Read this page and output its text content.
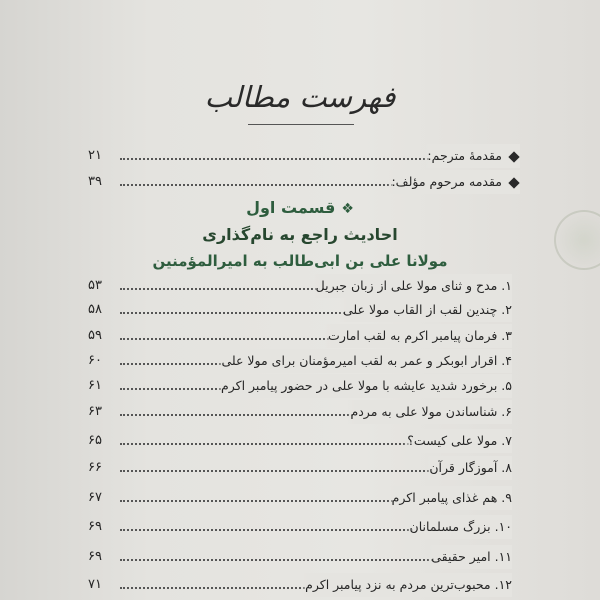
فهرست مطالب
مقدمهٔ مترجم:
۲۱
مقدمه مرحوم مؤلف:
۳۹
❖قسمت اول
احادیث راجع به نام‌گذاری
مولانا علی بن ابی‌طالب به امیرالمؤمنین
۱. مدح و ثنای مولا علی از زبان جبریل
۵۳
۲. چندین لقب از القاب مولا علی
۵۸
۳. فرمان پیامبر اکرم به لقب امارت
۵۹
۴. اقرار ابوبکر و عمر به لقب امیرمؤمنان برای مولا علی
۶۰
۵. برخورد شدید عایشه با مولا علی در حضور پیامبر اکرم
۶۱
۶. شناساندن مولا علی به مردم
۶۳
۷. مولا علی کیست؟
۶۵
۸. آموزگار قرآن
۶۶
۹. هم غذای پیامبر اکرم
۶۷
۱۰. بزرگ مسلمانان
۶۹
۱۱. امیر حقیقی
۶۹
۱۲. محبوب‌ترین مردم به نزد پیامبر اکرم
۷۱
